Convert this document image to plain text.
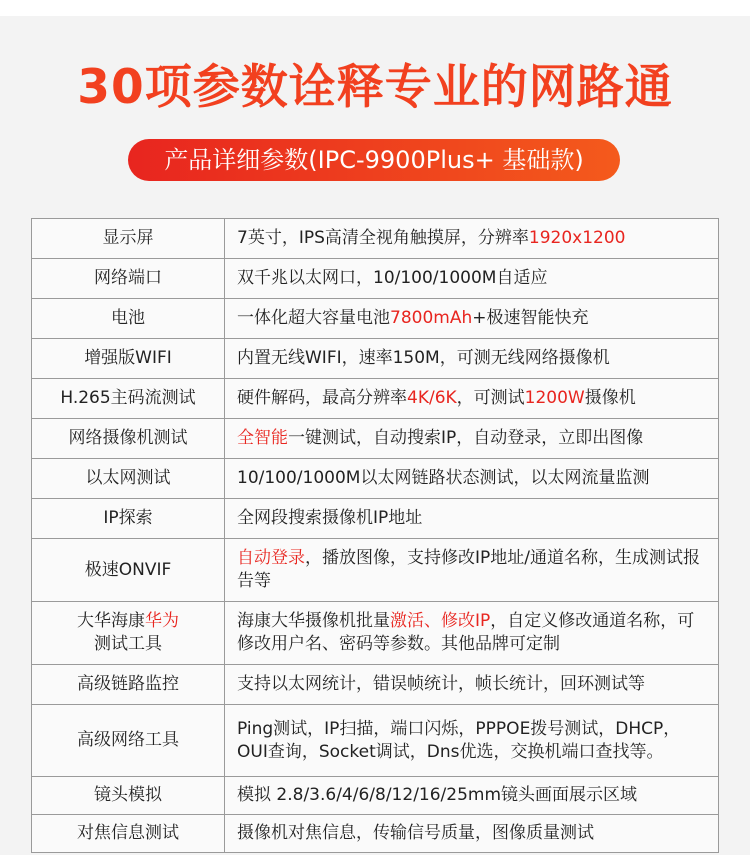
30项参数诠释专业的网路通
产品详细参数(IPC-9900Plus+ 基础款)
显示屏	7英寸，IPS高清全视角触摸屏，分辨率1920x1200

网络端口	双千兆以太网口，10/100/1000M自适应

电池	一体化超大容量电池7800mAh+极速智能快充

增强版WIFI	内置无线WIFI，速率150M，可测无线网络摄像机

H.265主码流测试	硬件解码，最高分辨率4K/6K，可测试1200W摄像机

网络摄像机测试	全智能一键测试，自动搜索IP，自动登录，立即出图像

以太网测试	10/100/1000M以太网链路状态测试，以太网流量监测

IP探索	全网段搜索摄像机IP地址

极速ONVIF	自动登录，播放图像，支持修改IP地址/通道名称，生成测试报告等

大华海康华为
测试工具	海康大华摄像机批量激活、修改IP，自定义修改通道名称，可修改用户名、密码等参数。其他品牌可定制

高级链路监控	支持以太网统计，错误帧统计，帧长统计，回环测试等

高级网络工具	Ping测试，IP扫描，端口闪烁，PPPOE拨号测试，DHCP，OUI查询，Socket调试，Dns优选，交换机端口查找等。

镜头模拟	模拟 2.8/3.6/4/6/8/12/16/25mm镜头画面展示区域

对焦信息测试	摄像机对焦信息，传输信号质量，图像质量测试
